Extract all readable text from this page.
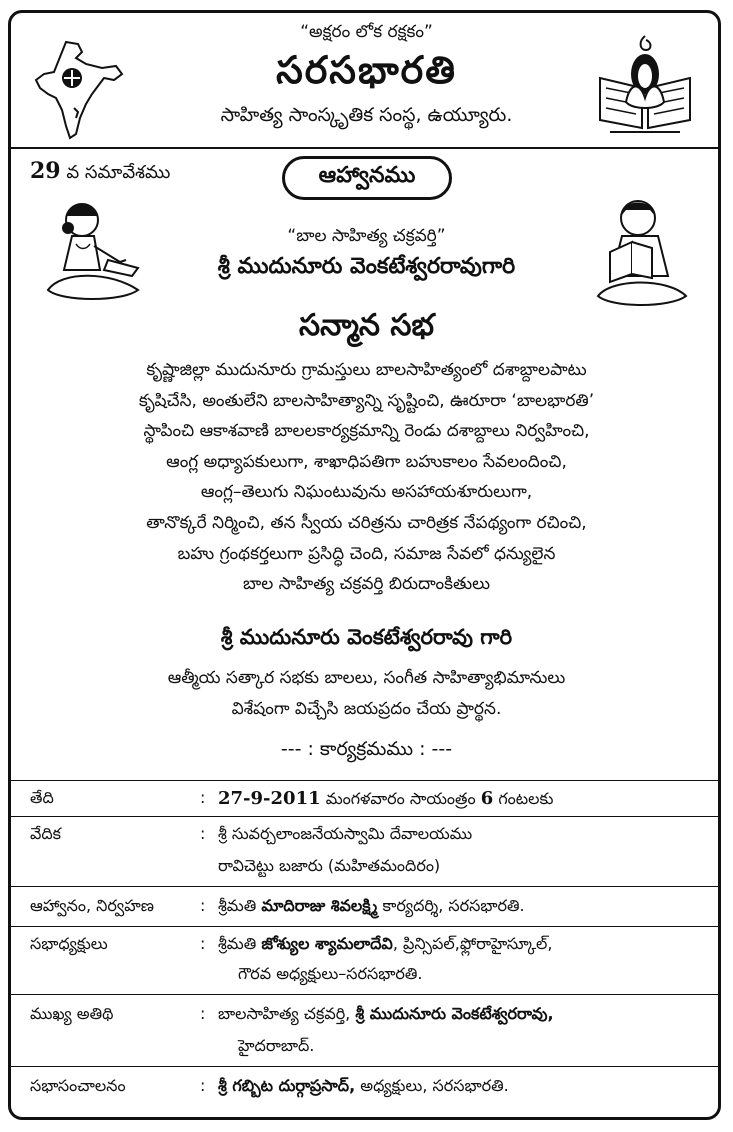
“అక్షరం లోక రక్షకం”
సరసభారతి
సాహిత్య సాంస్కృతిక సంస్థ, ఉయ్యూరు.
29 వ సమావేశము	ఆహ్వానము
“బాల సాహిత్య చక్రవర్తి”
శ్రీ ముదునూరు వెంకటేశ్వరరావుగారి
సన్మాన సభ
కృష్ణాజిల్లా ముదునూరు గ్రామస్తులు బాలసాహిత్యంలో దశాబ్దాలపాటు
కృషిచేసి, అంతులేని బాలసాహిత్యాన్ని సృష్టించి, ఊరూరా ‘బాలభారతి’
స్థాపించి ఆకాశవాణి బాలలకార్యక్రమాన్ని రెండు దశాబ్దాలు నిర్వహించి,
ఆంగ్ల అధ్యాపకులుగా, శాఖాధిపతిగా బహుకాలం సేవలందించి,
ఆంగ్ల–తెలుగు నిఘంటువును అసహాయశూరులుగా,
తానొక్కరే నిర్మించి, తన స్వీయ చరిత్రను చారిత్రక నేపథ్యంగా రచించి,
బహు గ్రంథకర్తలుగా ప్రసిద్ధి చెంది, సమాజ సేవలో ధన్యులైన
బాల సాహిత్య చక్రవర్తి బిరుదాంకితులు
శ్రీ ముదునూరు వెంకటేశ్వరరావు గారి
ఆత్మీయ సత్కార సభకు బాలలు, సంగీత సాహిత్యాభిమానులు
విశేషంగా విచ్చేసి జయప్రదం చేయ ప్రార్థన.
--- : కార్యక్రమము : ---
తేది	: 27-9-2011 మంగళవారం సాయంత్రం 6 గంటలకు
వేదిక	: శ్రీ సువర్చలాంజనేయస్వామి దేవాలయము
రావిచెట్టు బజారు (మహితమందిరం)
ఆహ్వానం, నిర్వహణ	: శ్రీమతి మాదిరాజు శివలక్ష్మి కార్యదర్శి, సరసభారతి.
సభాధ్యక్షులు	: శ్రీమతి జోశ్యుల శ్యామలాదేవి, ప్రిన్సిపల్,ఫ్లోరాహైస్కూల్,
గౌరవ అధ్యక్షులు–సరసభారతి.
ముఖ్య అతిథి	: బాలసాహిత్య చక్రవర్తి, శ్రీ ముదునూరు వెంకటేశ్వరరావు,
హైదరాబాద్.
సభాసంచాలనం	: శ్రీ గబ్బిట దుర్గాప్రసాద్, అధ్యక్షులు, సరసభారతి.
